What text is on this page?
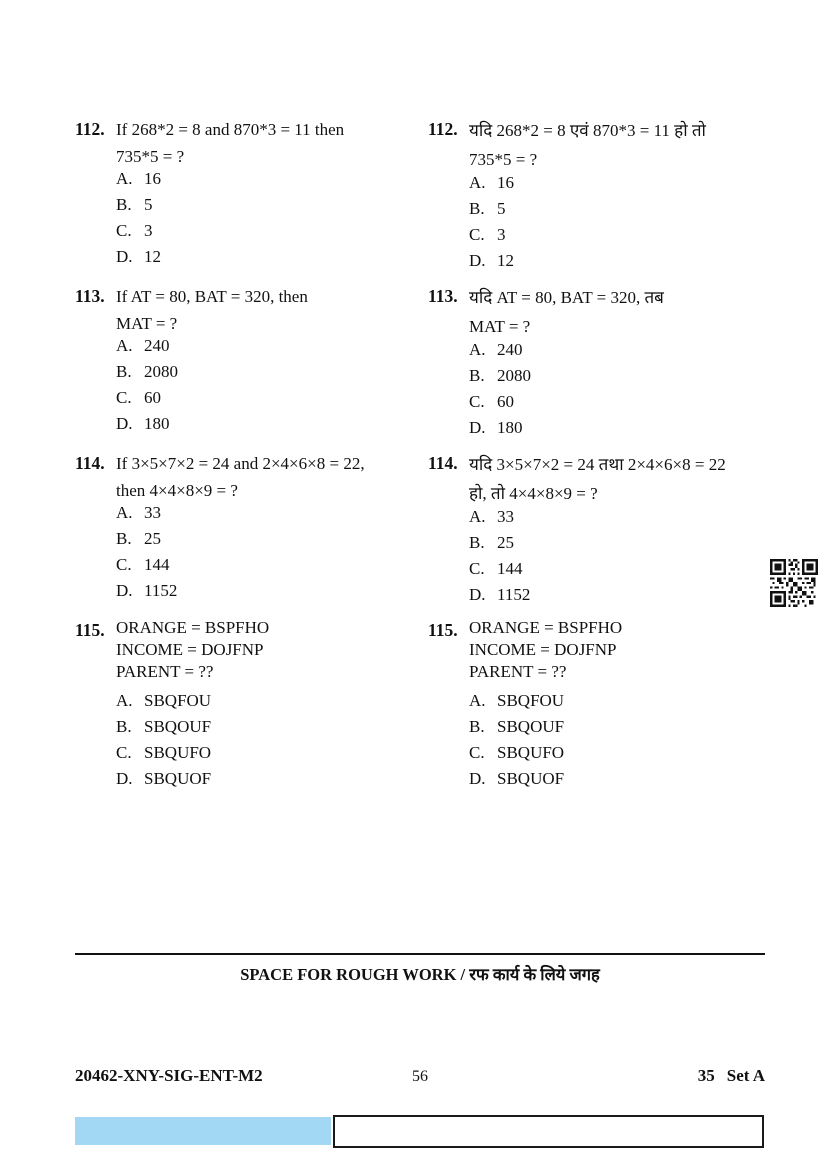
112. If 268*2 = 8 and 870*3 = 11 then
735*5 = ?
A. 16
B. 5
C. 3
D. 12
112. यदि 268*2 = 8 एवं 870*3 = 11 हो तो
735*5 = ?
A. 16
B. 5
C. 3
D. 12
113. If AT = 80, BAT = 320, then
MAT = ?
A. 240
B. 2080
C. 60
D. 180
113. यदि AT = 80, BAT = 320, तब
MAT = ?
A. 240
B. 2080
C. 60
D. 180
114. If 3×5×7×2 = 24 and 2×4×6×8 = 22,
then 4×4×8×9 = ?
A. 33
B. 25
C. 144
D. 1152
114. यदि 3×5×7×2 = 24 तथा 2×4×6×8 = 22
हो, तो 4×4×8×9 = ?
A. 33
B. 25
C. 144
D. 1152
115. ORANGE = BSPFHO
INCOME = DOJFNP
PARENT = ??
A. SBQFOU
B. SBQOUF
C. SBQUFO
D. SBQUOF
115. ORANGE = BSPFHO
INCOME = DOJFNP
PARENT = ??
A. SBQFOU
B. SBQOUF
C. SBQUFO
D. SBQUOF
SPACE FOR ROUGH WORK / रफ कार्य के लिये जगह
20462-XNY-SIG-ENT-M2	56	35 Set A
